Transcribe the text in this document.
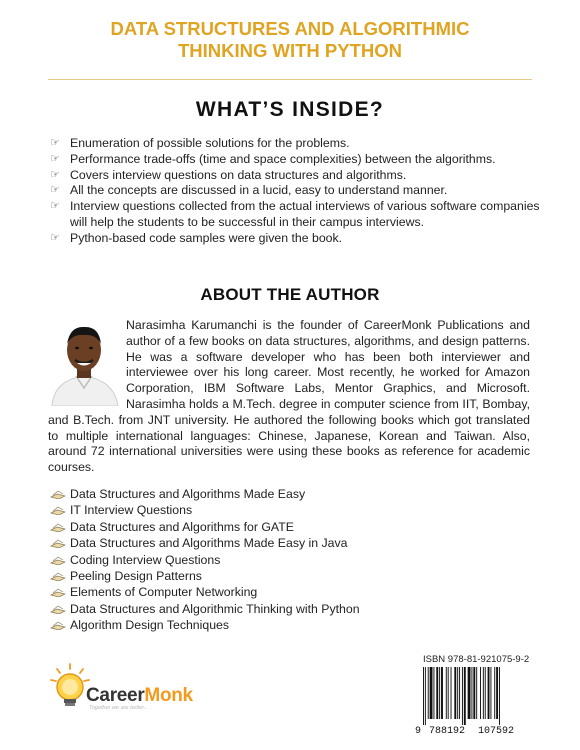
DATA STRUCTURES AND ALGORITHMIC
THINKING WITH PYTHON
WHAT’S INSIDE?
☞ Enumeration of possible solutions for the problems.
☞ Performance trade-offs (time and space complexities) between the algorithms.
☞ Covers interview questions on data structures and algorithms.
☞ All the concepts are discussed in a lucid, easy to understand manner.
☞ Interview questions collected from the actual interviews of various software companies will help the students to be successful in their campus interviews.
☞ Python-based code samples were given the book.
ABOUT THE AUTHOR
Narasimha Karumanchi is the founder of CareerMonk Publications and author of a few books on data structures, algorithms, and design patterns. He was a software developer who has been both interviewer and interviewee over his long career. Most recently, he worked for Amazon Corporation, IBM Software Labs, Mentor Graphics, and Microsoft. Narasimha holds a M.Tech. degree in computer science from IIT, Bombay, and B.Tech. from JNT university. He authored the following books which got translated to multiple international languages: Chinese, Japanese, Korean and Taiwan. Also, around 72 international universities were using these books as reference for academic courses.
Data Structures and Algorithms Made Easy
IT Interview Questions
Data Structures and Algorithms for GATE
Data Structures and Algorithms Made Easy in Java
Coding Interview Questions
Peeling Design Patterns
Elements of Computer Networking
Data Structures and Algorithmic Thinking with Python
Algorithm Design Techniques
CareerMonk
Together we are better..
ISBN 978-81-921075-9-2
9 788192 107592
